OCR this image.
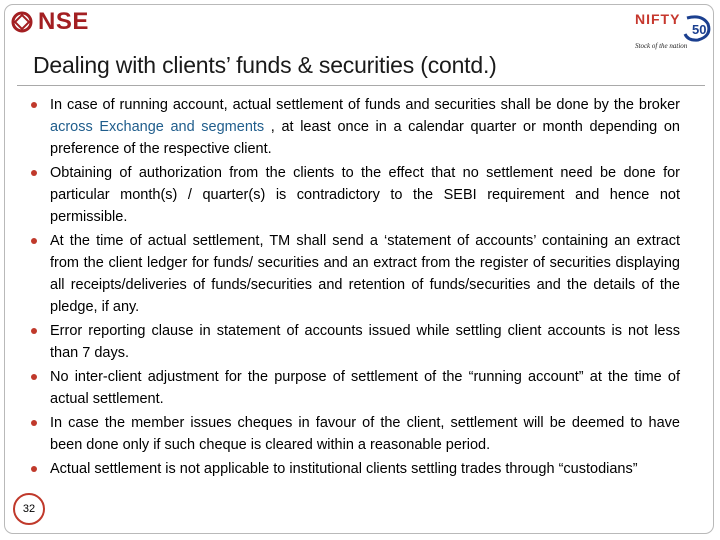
NSE	NIFTY
50
Stock of the nation
Dealing with clients’ funds & securities (contd.)
In case of running account, actual settlement of funds and securities shall be done by the broker across Exchange and segments , at least once in a calendar quarter or month depending on preference of the respective client.
Obtaining of authorization from the clients to the effect that no settlement need be done for particular month(s) / quarter(s) is contradictory to the SEBI requirement and hence not permissible.
At the time of actual settlement, TM shall send a ‘statement of accounts’ containing an extract from the client ledger for funds/ securities and an extract from the register of securities displaying all receipts/deliveries of funds/securities and retention of funds/securities and the details of the pledge, if any.
Error reporting clause in statement of accounts issued while settling client accounts is not less than 7 days.
No inter-client adjustment for the purpose of settlement of the “running account” at the time of actual settlement.
In case the member issues cheques in favour of the client, settlement will be deemed to have been done only if such cheque is cleared within a reasonable period.
Actual settlement is not applicable to institutional clients settling trades through “custodians”
32
